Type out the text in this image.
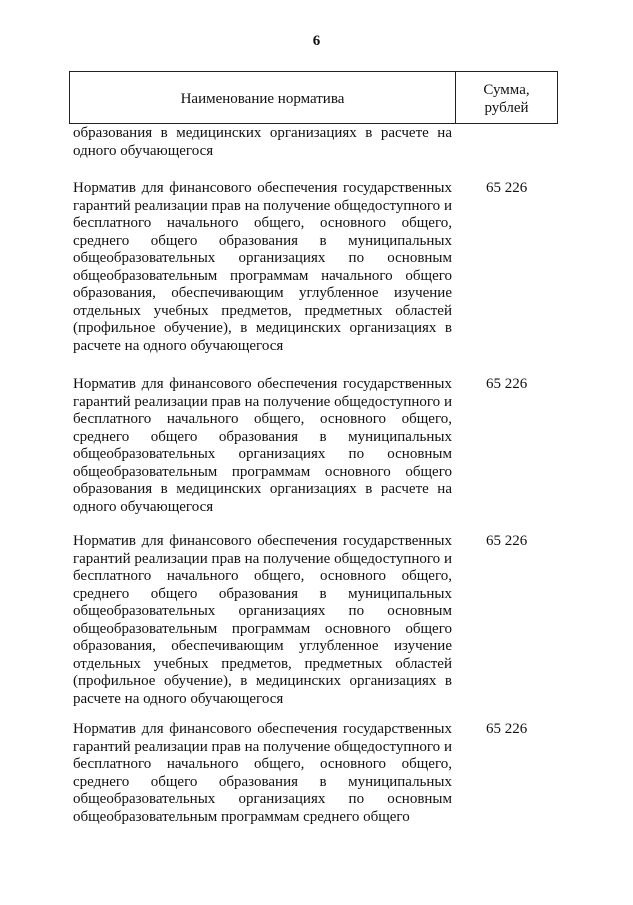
6
Наименование норматива
Сумма,
рублей
образования в медицинских организациях в расчете на
одного обучающегося
Норматив для финансового обеспечения государственных
гарантий реализации прав на получение общедоступного и
бесплатного начального общего, основного общего,
среднего общего образования в муниципальных
общеобразовательных организациях по основным
общеобразовательным программам начального общего
образования, обеспечивающим углубленное изучение
отдельных учебных предметов, предметных областей
(профильное обучение), в медицинских организациях в
расчете на одного обучающегося
65 226
Норматив для финансового обеспечения государственных
гарантий реализации прав на получение общедоступного и
бесплатного начального общего, основного общего,
среднего общего образования в муниципальных
общеобразовательных организациях по основным
общеобразовательным программам основного общего
образования в медицинских организациях в расчете на
одного обучающегося
65 226
Норматив для финансового обеспечения государственных
гарантий реализации прав на получение общедоступного и
бесплатного начального общего, основного общего,
среднего общего образования в муниципальных
общеобразовательных организациях по основным
общеобразовательным программам основного общего
образования, обеспечивающим углубленное изучение
отдельных учебных предметов, предметных областей
(профильное обучение), в медицинских организациях в
расчете на одного обучающегося
65 226
Норматив для финансового обеспечения государственных
гарантий реализации прав на получение общедоступного и
бесплатного начального общего, основного общего,
среднего общего образования в муниципальных
общеобразовательных организациях по основным
общеобразовательным программам среднего общего
65 226
